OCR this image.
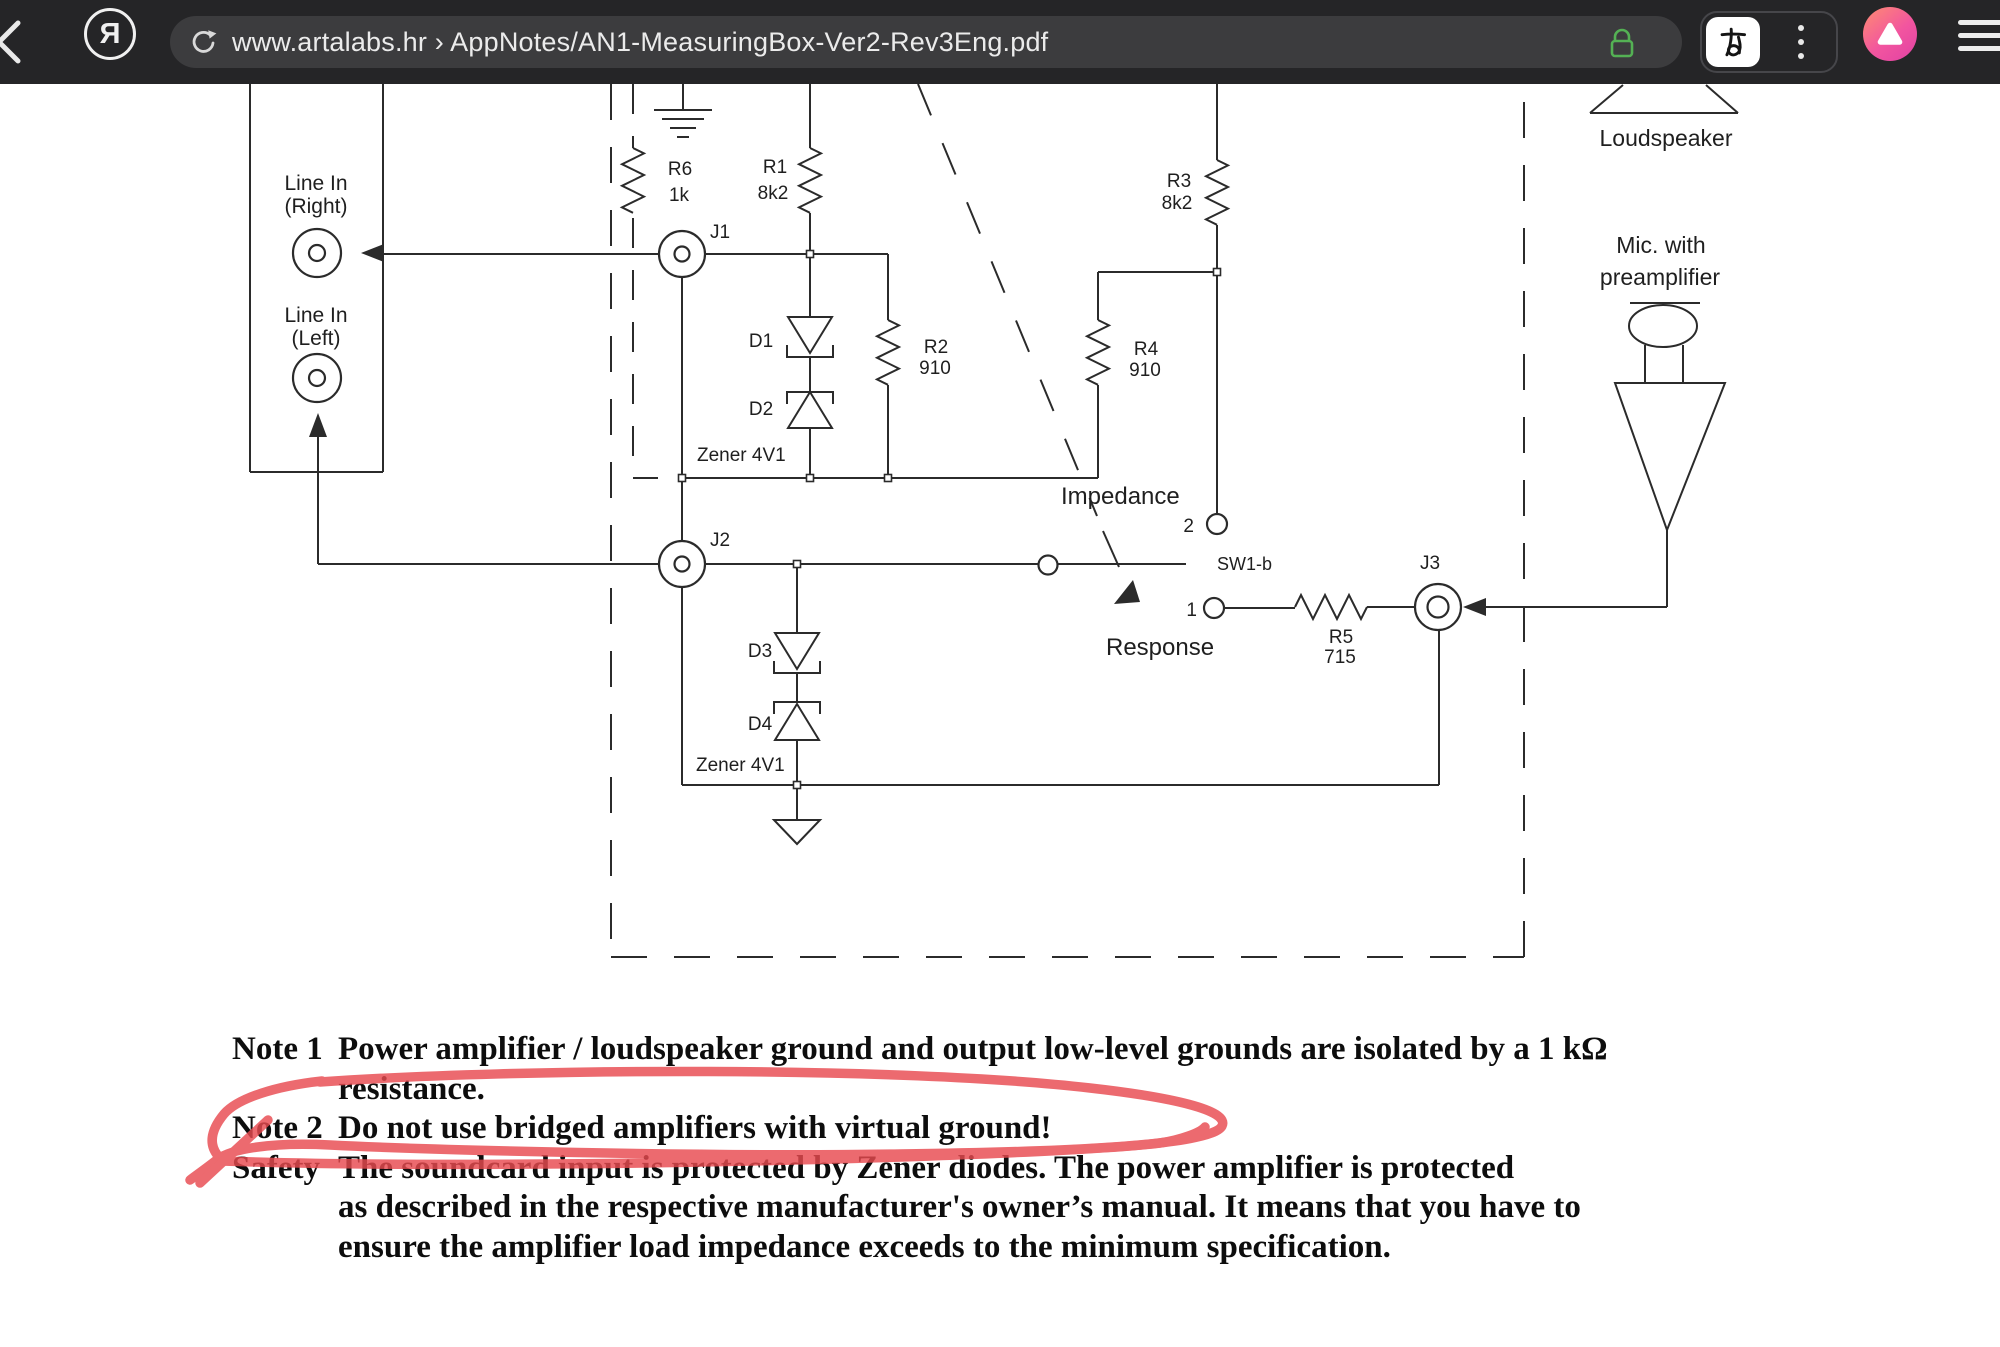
Я	www.artalabs.hr › AppNotes/AN1-MeasuringBox-Ver2-Rev3Eng.pdf
Line In
(Right)
Line In
(Left)
R6
1k
R1
8k2
R2
910
R3
8k2
R4
910
R5
715
D1
D2
D3
D4
Zener 4V1
Zener 4V1
J1
J2
J3
Impedance
Response
2
1
SW1-b
Loudspeaker
Mic. with
preamplifier
Note 1 Power amplifier / loudspeaker ground and output low-level grounds are isolated by a 1 kΩ
resistance.
Note 2 Do not use bridged amplifiers with virtual ground!
Safety The soundcard input is protected by Zener diodes. The power amplifier is protected
as described in the respective manufacturer's owner’s manual. It means that you have to
ensure the amplifier load impedance exceeds to the minimum specification.
